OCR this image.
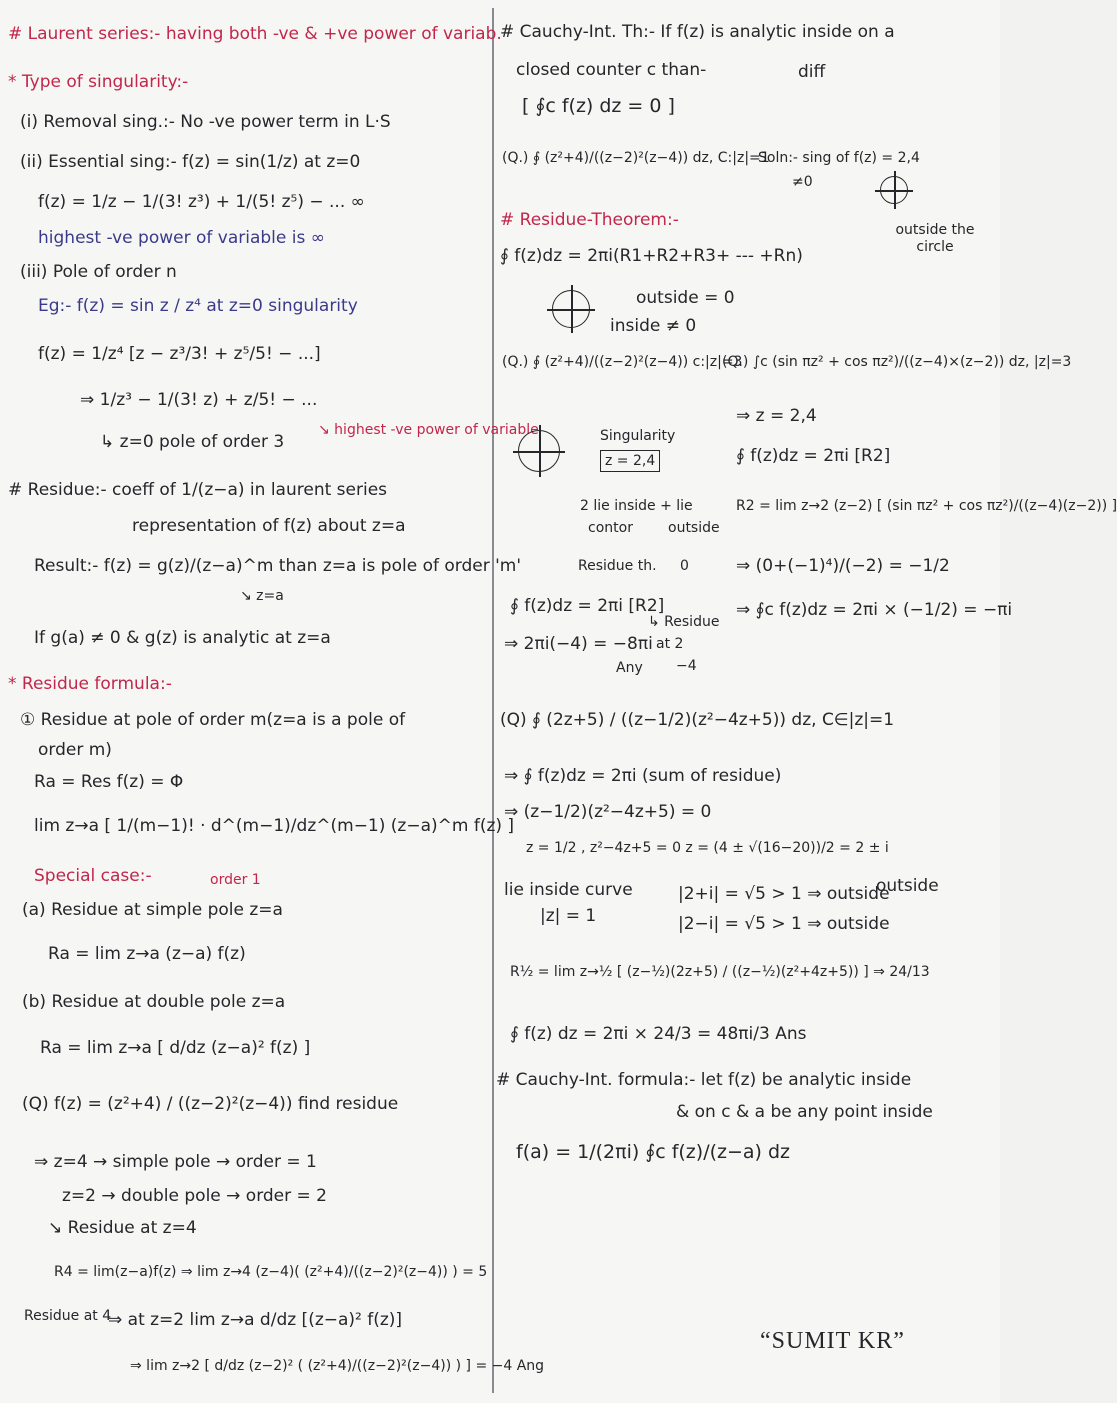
# Laurent series:- having both -ve & +ve power of variab.
* Type of singularity:-
(i) Removal sing.:- No -ve power term in L·S
(ii) Essential sing:- f(z) = sin(1/z) at z=0
f(z) = 1/z − 1/(3! z³) + 1/(5! z⁵) − ... ∞
highest -ve power of variable is ∞
(iii) Pole of order n
Eg:- f(z) = sin z / z⁴ at z=0 singularity
f(z) = 1/z⁴ [z − z³/3! + z⁵/5! − ...]
⇒ 1/z³ − 1/(3! z) + z/5! − ...
↳ z=0 pole of order 3
↘ highest -ve power of variable
# Residue:- coeff of 1/(z−a) in laurent series
representation of f(z) about z=a
Result:- f(z) = g(z)/(z−a)^m than z=a is pole of order 'm'
↘ z=a
If g(a) ≠ 0 & g(z) is analytic at z=a
* Residue formula:-
① Residue at pole of order m(z=a is a pole of
order m)
Ra = Res f(z) = Φ
lim z→a [ 1/(m−1)! · d^(m−1)/dz^(m−1) (z−a)^m f(z) ]
Special case:-	order 1
(a) Residue at simple pole z=a
Ra = lim z→a (z−a) f(z)
(b) Residue at double pole z=a
Ra = lim z→a [ d/dz (z−a)² f(z) ]
(Q) f(z) = (z²+4) / ((z−2)²(z−4)) find residue
⇒ z=4 → simple pole → order = 1
z=2 → double pole → order = 2
↘ Residue at z=4
R4 = lim(z−a)f(z) ⇒ lim z→4 (z−4)( (z²+4)/((z−2)²(z−4)) ) = 5
Residue at 4
⇒ at z=2 lim z→a d/dz [(z−a)² f(z)]
⇒ lim z→2 [ d/dz (z−2)² ( (z²+4)/((z−2)²(z−4)) ) ] = −4 Ang
# Cauchy-Int. Th:- If f(z) is analytic inside on a
closed counter c than-	diff
[ ∮c f(z) dz = 0 ]
(Q.) ∮ (z²+4)/((z−2)²(z−4)) dz, C:|z|=1
Soln:- sing of f(z) = 2,4
≠0
outside the circle
# Residue-Theorem:-
∮ f(z)dz = 2πi(R1+R2+R3+ --- +Rn)
outside = 0
inside ≠ 0
(Q.) ∮ (z²+4)/((z−2)²(z−4)) c:|z|=3
(Q.) ∫c (sin πz² + cos πz²)/((z−4)×(z−2)) dz, |z|=3
Singularity
z = 2,4
⇒ z = 2,4
∮ f(z)dz = 2πi [R2]
R2 = lim z→2 (z−2) [ (sin πz² + cos πz²)/((z−4)(z−2)) ]
2 lie inside + lie
contor	outside
Residue th. 0	⇒ (0+(−1)⁴)/(−2) = −1/2
∮ f(z)dz = 2πi [R2]
↳ Residue
⇒ ∮c f(z)dz = 2πi × (−1/2) = −πi
⇒ 2πi(−4) = −8πi at 2
Any −4
(Q) ∮ (2z+5) / ((z−1/2)(z²−4z+5)) dz, C∈|z|=1
⇒ ∮ f(z)dz = 2πi (sum of residue)
⇒ (z−1/2)(z²−4z+5) = 0
z = 1/2 , z²−4z+5 = 0 z = (4 ± √(16−20))/2 = 2 ± i
lie inside curve
|z| = 1
|2+i| = √5 > 1 ⇒ outside
|2−i| = √5 > 1 ⇒ outside
outside
R½ = lim z→½ [ (z−½)(2z+5) / ((z−½)(z²+4z+5)) ] ⇒ 24/13
∮ f(z) dz = 2πi × 24/3 = 48πi/3 Ans
# Cauchy-Int. formula:- let f(z) be analytic inside
& on c & a be any point inside
f(a) = 1/(2πi) ∮c f(z)/(z−a) dz
“SUMIT KR”
